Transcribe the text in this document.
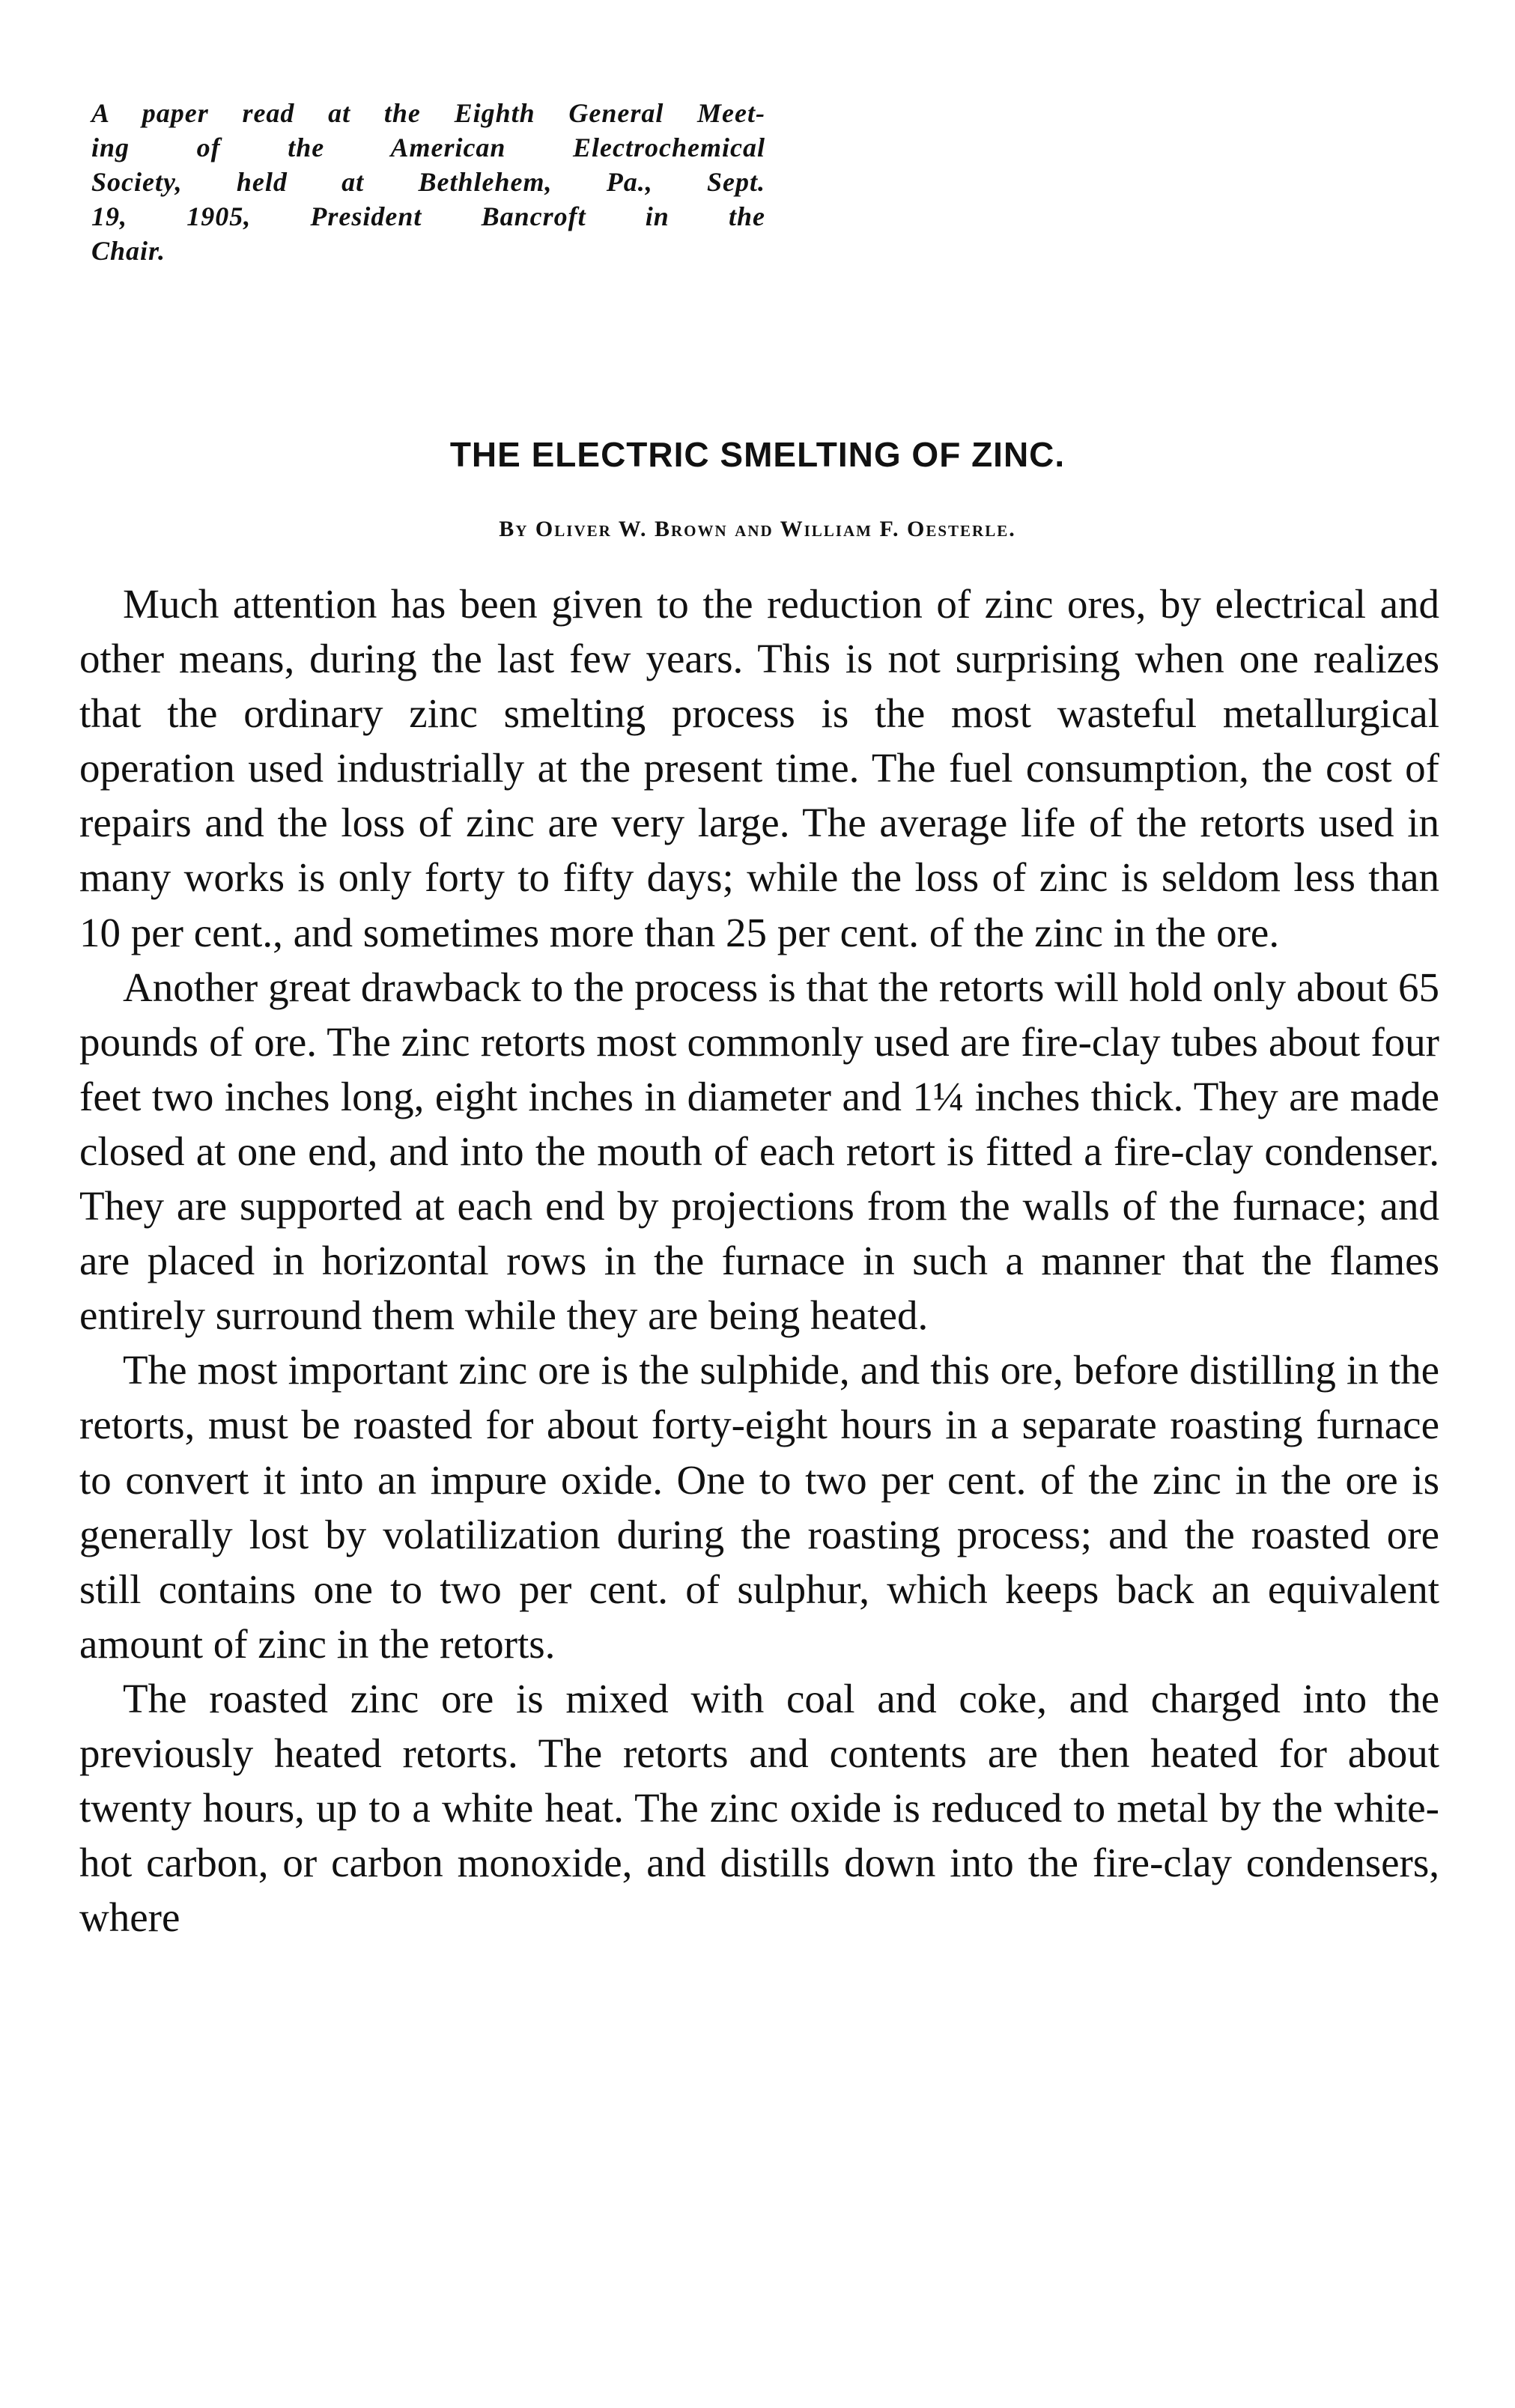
A paper read at the Eighth General Meet-
ing of the American Electrochemical
Society, held at Bethlehem, Pa., Sept.
19, 1905, President Bancroft in the
Chair.
THE ELECTRIC SMELTING OF ZINC.
By Oliver W. Brown and William F. Oesterle.

Much attention has been given to the reduction of zinc ores, by electrical and other means, during the last few years. This is not surprising when one realizes that the ordinary zinc smelting process is the most wasteful metallurgical operation used industrially at the present time. The fuel consumption, the cost of repairs and the loss of zinc are very large. The average life of the retorts used in many works is only forty to fifty days; while the loss of zinc is seldom less than 10 per cent., and sometimes more than 25 per cent. of the zinc in the ore.

Another great drawback to the process is that the retorts will hold only about 65 pounds of ore. The zinc retorts most commonly used are fire-clay tubes about four feet two inches long, eight inches in diameter and 1¼ inches thick. They are made closed at one end, and into the mouth of each retort is fitted a fire-clay condenser. They are supported at each end by projections from the walls of the furnace; and are placed in horizontal rows in the furnace in such a manner that the flames entirely surround them while they are being heated.

The most important zinc ore is the sulphide, and this ore, before distilling in the retorts, must be roasted for about forty-eight hours in a separate roasting furnace to convert it into an impure oxide. One to two per cent. of the zinc in the ore is generally lost by volatilization during the roasting process; and the roasted ore still contains one to two per cent. of sulphur, which keeps back an equivalent amount of zinc in the retorts.

The roasted zinc ore is mixed with coal and coke, and charged into the previously heated retorts. The retorts and contents are then heated for about twenty hours, up to a white heat. The zinc oxide is reduced to metal by the white-hot carbon, or carbon monoxide, and distills down into the fire-clay condensers, where
